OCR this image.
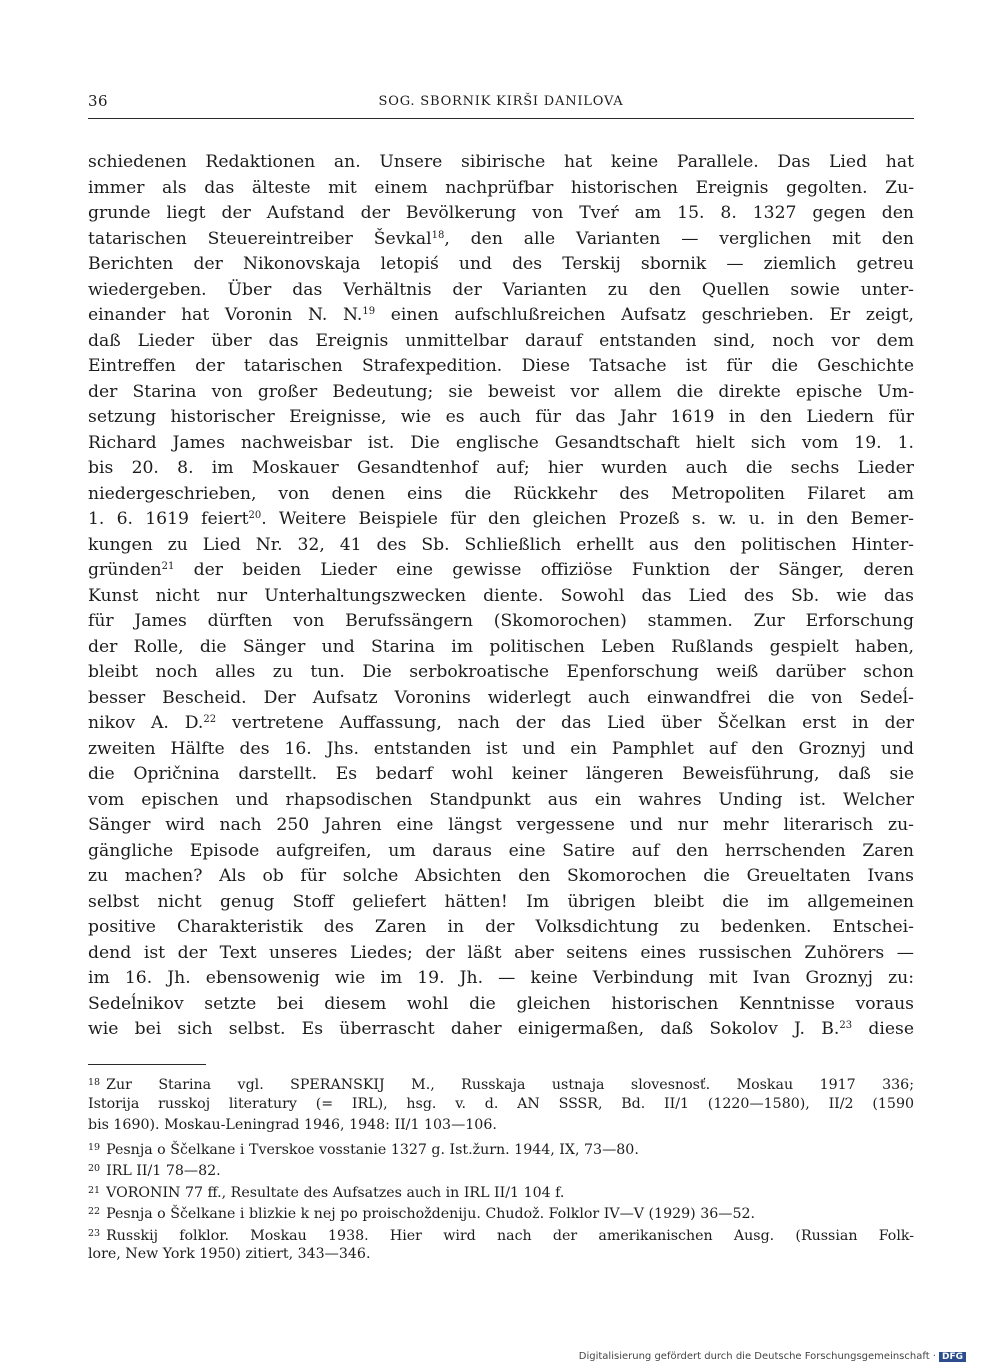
36	SOG. SBORNIK KIRŠI DANILOVA
schiedenen Redaktionen an. Unsere sibirische hat keine Parallele. Das Lied hat
immer als das älteste mit einem nachprüfbar historischen Ereignis gegolten. Zu-
grunde liegt der Aufstand der Bevölkerung von Tveŕ am 15. 8. 1327 gegen den
tatarischen Steuereintreiber Ševkal$^{18}$, den alle Varianten — verglichen mit den
Berichten der Nikonovskaja letopiś und des Terskij sbornik — ziemlich getreu
wiedergeben. Über das Verhältnis der Varianten zu den Quellen sowie unter-
einander hat Voronin N. N.$^{19}$ einen aufschlußreichen Aufsatz geschrieben. Er zeigt,
daß Lieder über das Ereignis unmittelbar darauf entstanden sind, noch vor dem
Eintreffen der tatarischen Strafexpedition. Diese Tatsache ist für die Geschichte
der Starina von großer Bedeutung; sie beweist vor allem die direkte epische Um-
setzung historischer Ereignisse, wie es auch für das Jahr 1619 in den Liedern für
Richard James nachweisbar ist. Die englische Gesandtschaft hielt sich vom 19. 1.
bis 20. 8. im Moskauer Gesandtenhof auf; hier wurden auch die sechs Lieder
niedergeschrieben, von denen eins die Rückkehr des Metropoliten Filaret am
1. 6. 1619 feiert$^{20}$. Weitere Beispiele für den gleichen Prozeß s. w. u. in den Bemer-
kungen zu Lied Nr. 32, 41 des Sb. Schließlich erhellt aus den politischen Hinter-
gründen$^{21}$ der beiden Lieder eine gewisse offiziöse Funktion der Sänger, deren
Kunst nicht nur Unterhaltungszwecken diente. Sowohl das Lied des Sb. wie das
für James dürften von Berufssängern (Skomorochen) stammen. Zur Erforschung
der Rolle, die Sänger und Starina im politischen Leben Rußlands gespielt haben,
bleibt noch alles zu tun. Die serbokroatische Epenforschung weiß darüber schon
besser Bescheid. Der Aufsatz Voronins widerlegt auch einwandfrei die von Sedeĺ-
nikov A. D.$^{22}$ vertretene Auffassung, nach der das Lied über Ščelkan erst in der
zweiten Hälfte des 16. Jhs. entstanden ist und ein Pamphlet auf den Groznyj und
die Opričnina darstellt. Es bedarf wohl keiner längeren Beweisführung, daß sie
vom epischen und rhapsodischen Standpunkt aus ein wahres Unding ist. Welcher
Sänger wird nach 250 Jahren eine längst vergessene und nur mehr literarisch zu-
gängliche Episode aufgreifen, um daraus eine Satire auf den herrschenden Zaren
zu machen? Als ob für solche Absichten den Skomorochen die Greueltaten Ivans
selbst nicht genug Stoff geliefert hätten! Im übrigen bleibt die im allgemeinen
positive Charakteristik des Zaren in der Volksdichtung zu bedenken. Entschei-
dend ist der Text unseres Liedes; der läßt aber seitens eines russischen Zuhörers —
im 16. Jh. ebensowenig wie im 19. Jh. — keine Verbindung mit Ivan Groznyj zu:
Sedeĺnikov setzte bei diesem wohl die gleichen historischen Kenntnisse voraus
wie bei sich selbst. Es überrascht daher einigermaßen, daß Sokolov J. B.$^{23}$ diese
$^{18}$ Zur Starina vgl. SPERANSKIJ M., Russkaja ustnaja slovesnosť. Moskau 1917 336;
Istorija russkoj literatury (= IRL), hsg. v. d. AN SSSR, Bd. II/1 (1220—1580), II/2 (1590
bis 1690). Moskau-Leningrad 1946, 1948: II/1 103—106.
$^{19}$ Pesnja o Ščelkane i Tverskoe vosstanie 1327 g. Ist.žurn. 1944, IX, 73—80.
$^{20}$ IRL II/1 78—82.
$^{21}$ VORONIN 77 ff., Resultate des Aufsatzes auch in IRL II/1 104 f.
$^{22}$ Pesnja o Ščelkane i blizkie k nej po proischoždeniju. Chudož. Folklor IV—V (1929) 36—52.
$^{23}$ Russkij folklor. Moskau 1938. Hier wird nach der amerikanischen Ausg. (Russian Folk-
lore, New York 1950) zitiert, 343—346.
Digitalisierung gefördert durch die Deutsche Forschungsgemeinschaft · DFG
